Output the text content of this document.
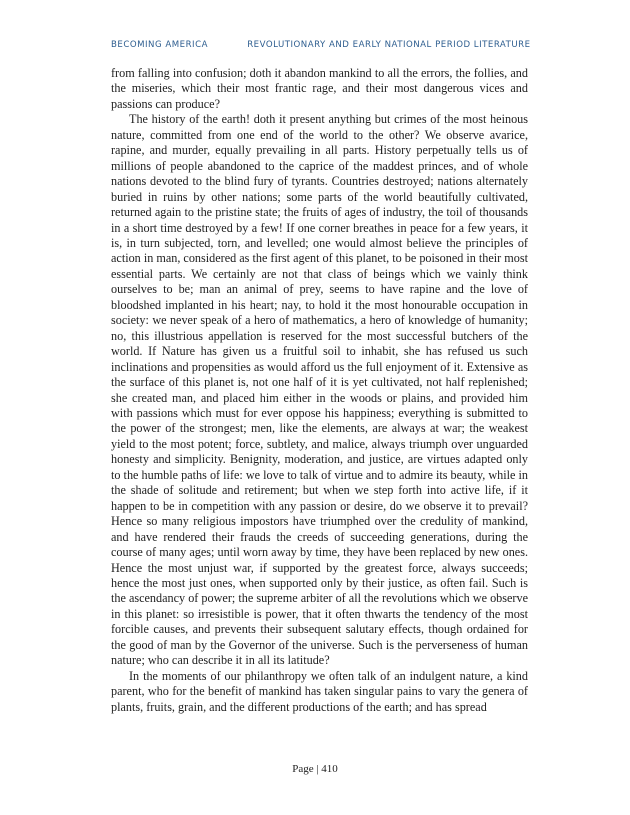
BECOMING AMERICA	REVOLUTIONARY AND EARLY NATIONAL PERIOD LITERATURE

from falling into confusion; doth it abandon mankind to all the errors, the follies, and the miseries, which their most frantic rage, and their most dangerous vices and passions can produce?

The history of the earth! doth it present anything but crimes of the most heinous nature, committed from one end of the world to the other? We observe avarice, rapine, and murder, equally prevailing in all parts. History perpetually tells us of millions of people abandoned to the caprice of the maddest princes, and of whole nations devoted to the blind fury of tyrants. Countries destroyed; nations alternately buried in ruins by other nations; some parts of the world beautifully cultivated, returned again to the pristine state; the fruits of ages of industry, the toil of thousands in a short time destroyed by a few! If one corner breathes in peace for a few years, it is, in turn subjected, torn, and levelled; one would almost believe the principles of action in man, considered as the first agent of this planet, to be poisoned in their most essential parts. We certainly are not that class of beings which we vainly think ourselves to be; man an animal of prey, seems to have rapine and the love of bloodshed implanted in his heart; nay, to hold it the most honourable occupation in society: we never speak of a hero of mathematics, a hero of knowledge of humanity; no, this illustrious appellation is reserved for the most successful butchers of the world. If Nature has given us a fruitful soil to inhabit, she has refused us such inclinations and propensities as would afford us the full enjoyment of it. Extensive as the surface of this planet is, not one half of it is yet cultivated, not half replenished; she created man, and placed him either in the woods or plains, and provided him with passions which must for ever oppose his happiness; everything is submitted to the power of the strongest; men, like the elements, are always at war; the weakest yield to the most potent; force, subtlety, and malice, always triumph over unguarded honesty and simplicity. Benignity, moderation, and justice, are virtues adapted only to the humble paths of life: we love to talk of virtue and to admire its beauty, while in the shade of solitude and retirement; but when we step forth into active life, if it happen to be in competition with any passion or desire, do we observe it to prevail? Hence so many religious impostors have triumphed over the credulity of mankind, and have rendered their frauds the creeds of succeeding generations, during the course of many ages; until worn away by time, they have been replaced by new ones. Hence the most unjust war, if supported by the greatest force, always succeeds; hence the most just ones, when supported only by their justice, as often fail. Such is the ascendancy of power; the supreme arbiter of all the revolutions which we observe in this planet: so irresistible is power, that it often thwarts the tendency of the most forcible causes, and prevents their subsequent salutary effects, though ordained for the good of man by the Governor of the universe. Such is the perverseness of human nature; who can describe it in all its latitude?

In the moments of our philanthropy we often talk of an indulgent nature, a kind parent, who for the benefit of mankind has taken singular pains to vary the genera of plants, fruits, grain, and the different productions of the earth; and has spread

Page | 410
